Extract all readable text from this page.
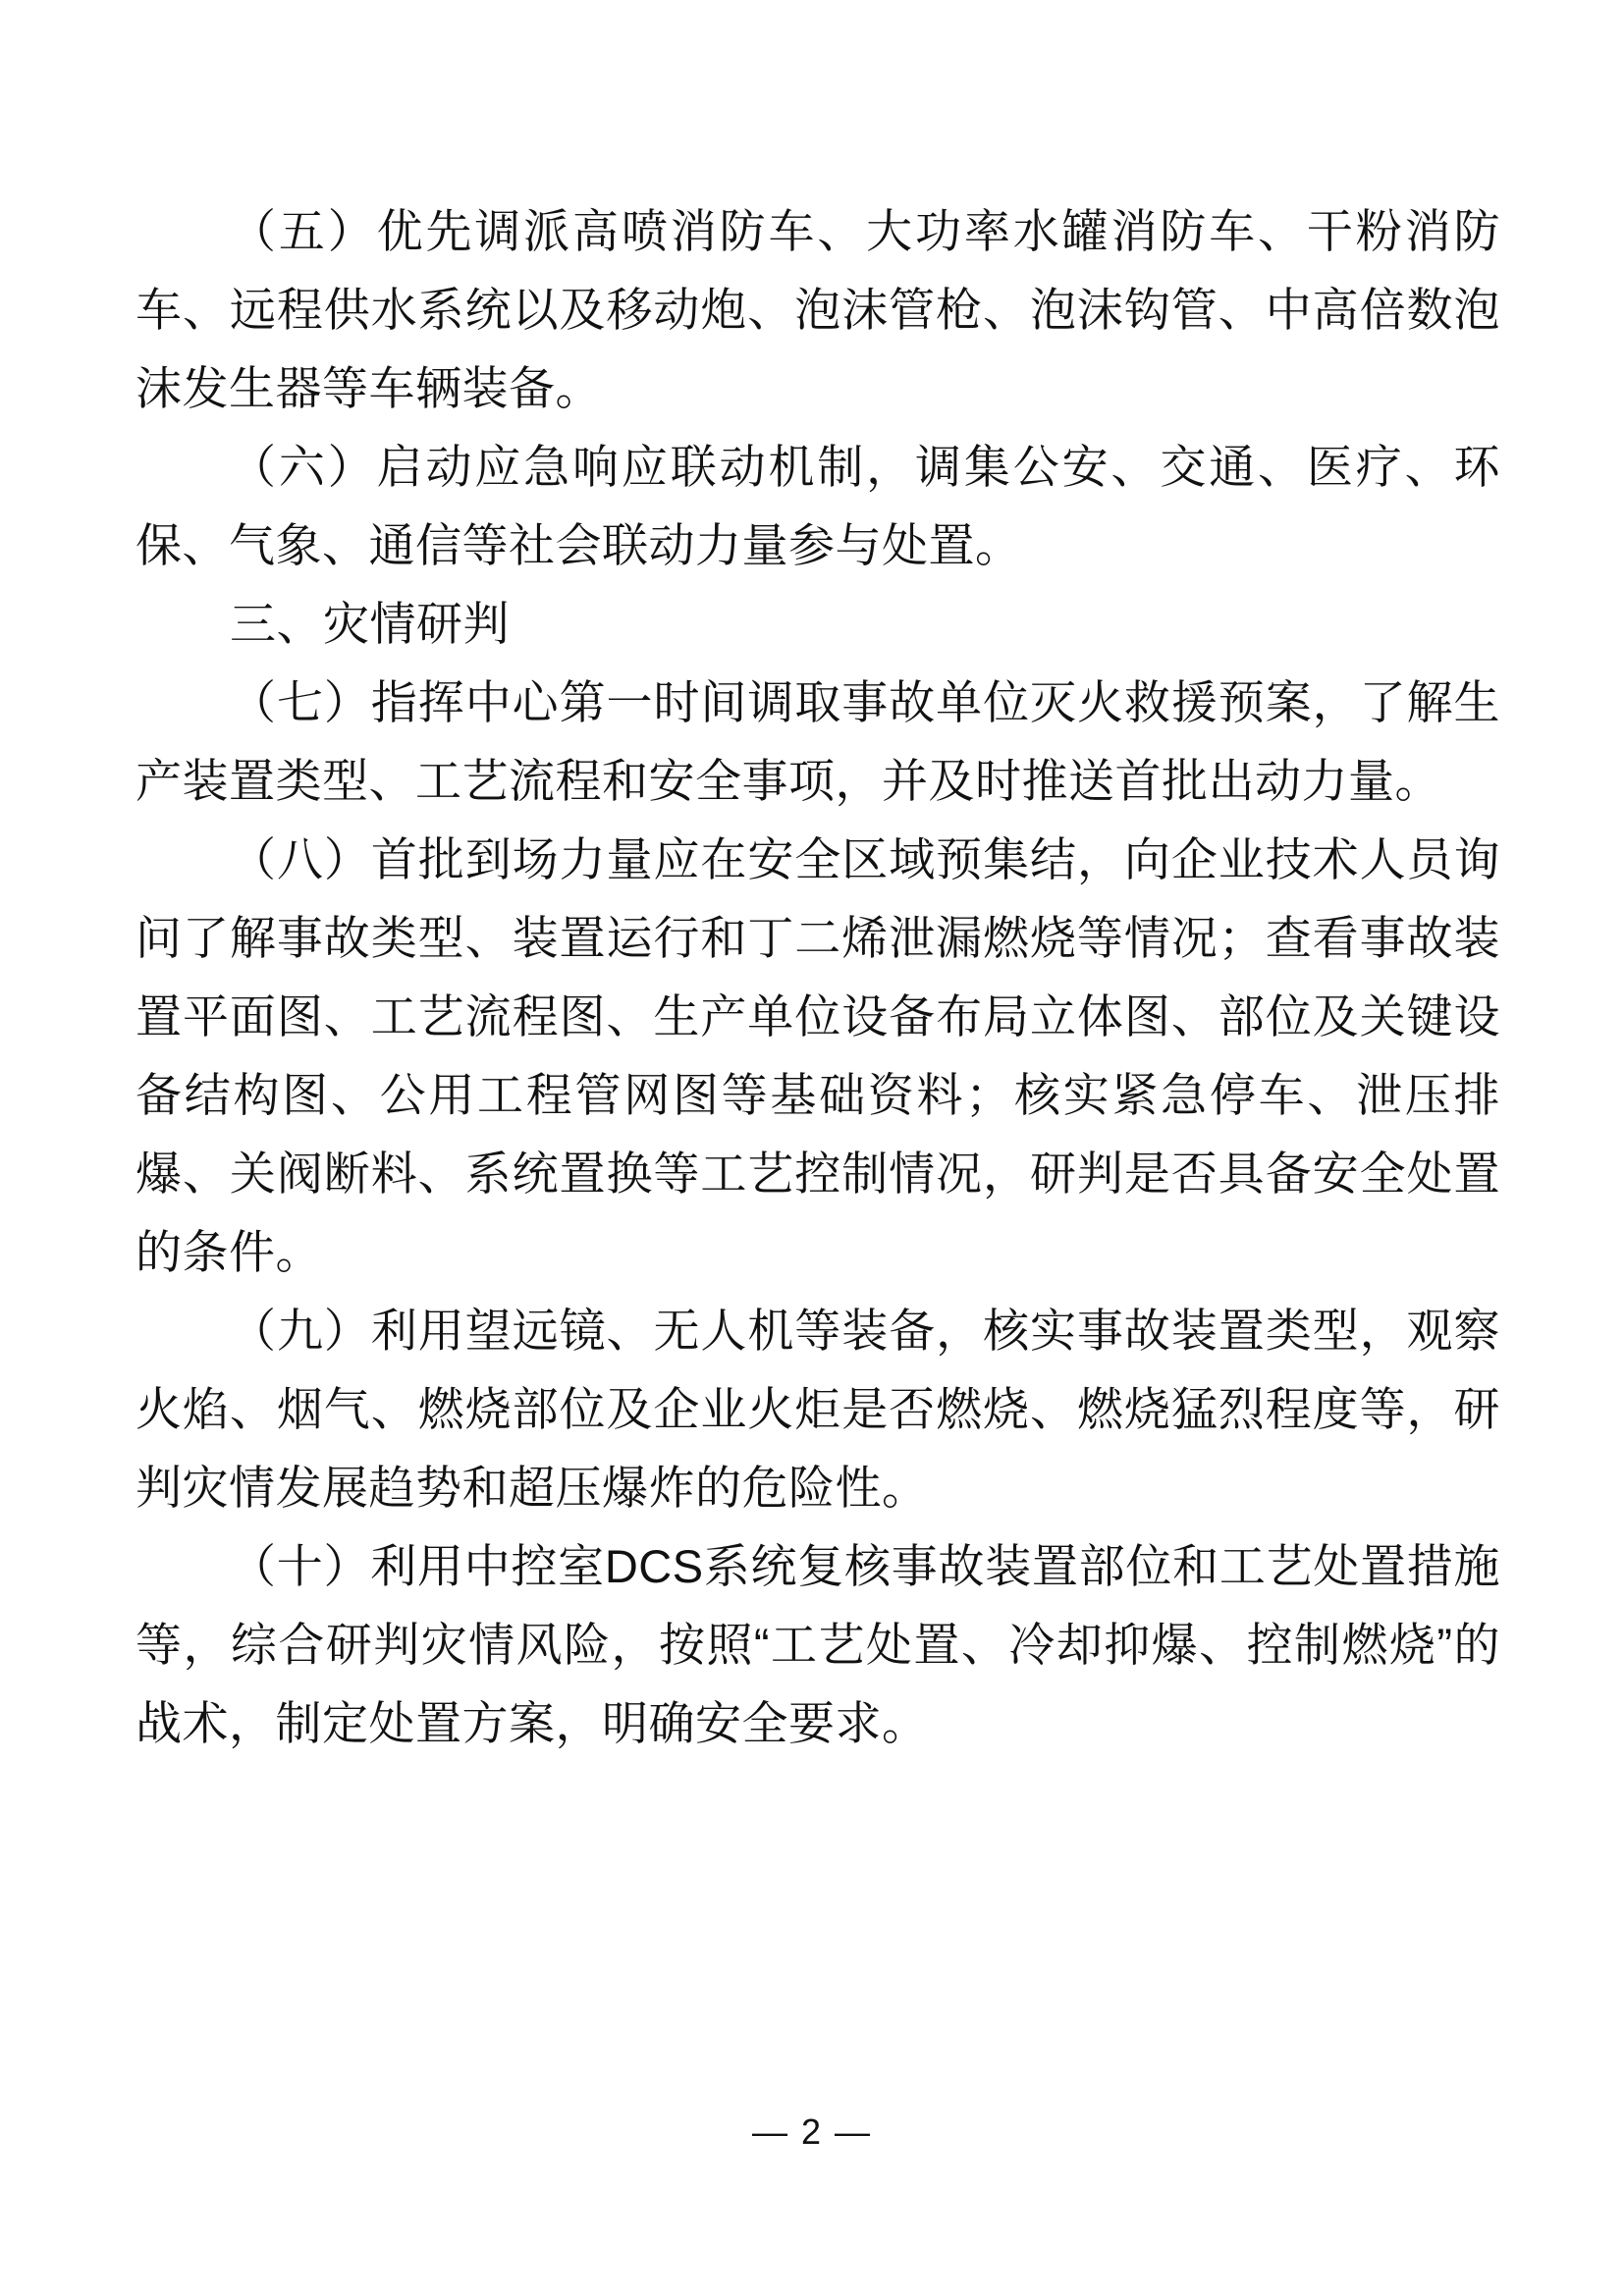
（五）优先调派高喷消防车、大功率水罐消防车、干粉消防车、远程供水系统以及移动炮、泡沫管枪、泡沫钩管、中高倍数泡沫发生器等车辆装备。

（六）启动应急响应联动机制，调集公安、交通、医疗、环保、气象、通信等社会联动力量参与处置。

三、灾情研判

（七）指挥中心第一时间调取事故单位灭火救援预案，了解生产装置类型、工艺流程和安全事项，并及时推送首批出动力量。

（八）首批到场力量应在安全区域预集结，向企业技术人员询问了解事故类型、装置运行和丁二烯泄漏燃烧等情况；查看事故装置平面图、工艺流程图、生产单位设备布局立体图、部位及关键设备结构图、公用工程管网图等基础资料；核实紧急停车、泄压排爆、关阀断料、系统置换等工艺控制情况，研判是否具备安全处置的条件。

（九）利用望远镜、无人机等装备，核实事故装置类型，观察火焰、烟气、燃烧部位及企业火炬是否燃烧、燃烧猛烈程度等，研判灾情发展趋势和超压爆炸的危险性。

（十）利用中控室DCS系统复核事故装置部位和工艺处置措施等，综合研判灾情风险，按照“工艺处置、冷却抑爆、控制燃烧”的战术，制定处置方案，明确安全要求。

— 2 —
